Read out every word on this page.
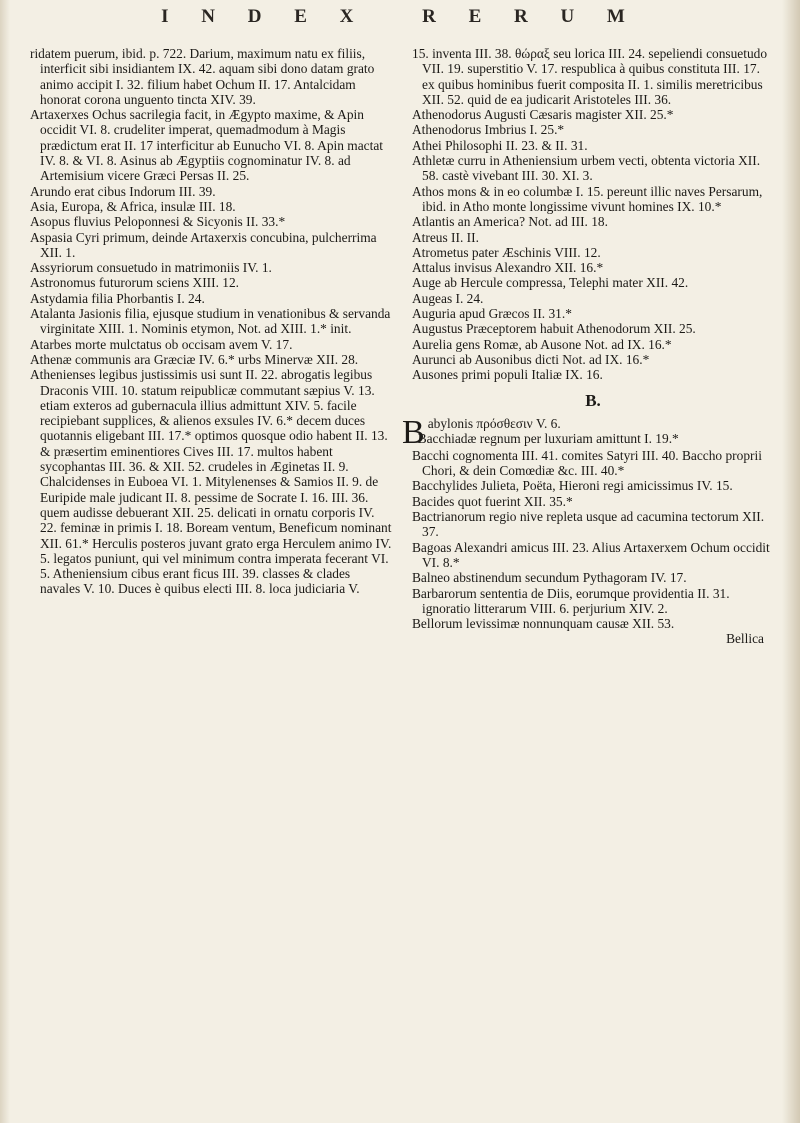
I N D E X	R E R U M

ridatem puerum, ibid. p. 722. Darium, maximum natu ex filiis, interficit sibi insidiantem IX. 42. aquam sibi dono datam grato animo accipit I. 32. filium habet Ochum II. 17. Antalcidam honorat corona unguento tincta XIV. 39.

Artaxerxes Ochus sacrilegia facit, in Ægypto maxime, & Apin occidit VI. 8. crudeliter imperat, quemadmodum à Magis prædictum erat II. 17 interficitur ab Eunucho VI. 8. Apin mactat IV. 8. & VI. 8. Asinus ab Ægyptiis cognominatur IV. 8. ad Artemisium vicere Græci Persas II. 25.

Arundo erat cibus Indorum III. 39.

Asia, Europa, & Africa, insulæ III. 18.

Asopus fluvius Peloponnesi & Sicyonis II. 33.*

Aspasia Cyri primum, deinde Artaxerxis concubina, pulcherrima XII. 1.

Assyriorum consuetudo in matrimoniis IV. 1.

Astronomus futurorum sciens XIII. 12.

Astydamia filia Phorbantis I. 24.

Atalanta Jasionis filia, ejusque studium in venationibus & servanda virginitate XIII. 1. Nominis etymon, Not. ad XIII. 1.* init.

Atarbes morte mulctatus ob occisam avem V. 17.

Athenæ communis ara Græciæ IV. 6.* urbs Minervæ XII. 28.

Athenienses legibus justissimis usi sunt II. 22. abrogatis legibus Draconis VIII. 10. statum reipublicæ commutant sæpius V. 13. etiam exteros ad gubernacula illius admittunt XIV. 5. facile recipiebant supplices, & alienos exsules IV. 6.* decem duces quotannis eligebant III. 17.* optimos quosque odio habent II. 13. & præsertim eminentiores Cives III. 17. multos habent sycophantas III. 36. & XII. 52. crudeles in Æginetas II. 9. Chalcidenses in Euboea VI. 1. Mitylenenses & Samios II. 9. de Euripide male judicant II. 8. pessime de Socrate I. 16. III. 36. quem audisse debuerant XII. 25. delicati in ornatu corporis IV. 22. feminæ in primis I. 18. Boream ventum, Beneficum nominant XII. 61.* Herculis posteros juvant grato erga Herculem animo IV. 5. legatos puniunt, qui vel minimum contra imperata fecerant VI. 5. Atheniensium cibus erant ficus III. 39. classes & clades navales V. 10. Duces è quibus electi III. 8. loca judiciaria V.

15. inventa III. 38. θώραξ seu lorica III. 24. sepeliendi consuetudo VII. 19. superstitio V. 17. respublica à quibus constituta III. 17. ex quibus hominibus fuerit composita II. 1. similis meretricibus XII. 52. quid de ea judicarit Aristoteles III. 36.

Athenodorus Augusti Cæsaris magister XII. 25.*

Athenodorus Imbrius I. 25.*

Athei Philosophi II. 23. & II. 31.

Athletæ curru in Atheniensium urbem vecti, obtenta victoria XII. 58. castè vivebant III. 30. XI. 3.

Athos mons & in eo columbæ I. 15. pereunt illic naves Persarum, ibid. in Atho monte longissime vivunt homines IX. 10.*

Atlantis an America? Not. ad III. 18.

Atreus II. II.

Atrometus pater Æschinis VIII. 12.

Attalus invisus Alexandro XII. 16.*

Auge ab Hercule compressa, Telephi mater XII. 42.

Augeas I. 24.

Auguria apud Græcos II. 31.*

Augustus Præceptorem habuit Athenodorum XII. 25.

Aurelia gens Romæ, ab Ausone Not. ad IX. 16.*

Aurunci ab Ausonibus dicti Not. ad IX. 16.*

Ausones primi populi Italiæ IX. 16.

B.

Babylonis πρόσθεσιν V. 6.

Bacchiadæ regnum per luxuriam amittunt I. 19.*

Bacchi cognomenta III. 41. comites Satyri III. 40. Baccho proprii Chori, & dein Comœdiæ &c. III. 40.*

Bacchylides Julieta, Poëta, Hieroni regi amicissimus IV. 15.

Bacides quot fuerint XII. 35.*

Bactrianorum regio nive repleta usque ad cacumina tectorum XII. 37.

Bagoas Alexandri amicus III. 23. Alius Artaxerxem Ochum occidit VI. 8.*

Balneo abstinendum secundum Pythagoram IV. 17.

Barbarorum sententia de Diis, eorumque providentia II. 31. ignoratio litterarum VIII. 6. perjurium XIV. 2.

Bellorum levissimæ nonnunquam causæ XII. 53.

Bellica
